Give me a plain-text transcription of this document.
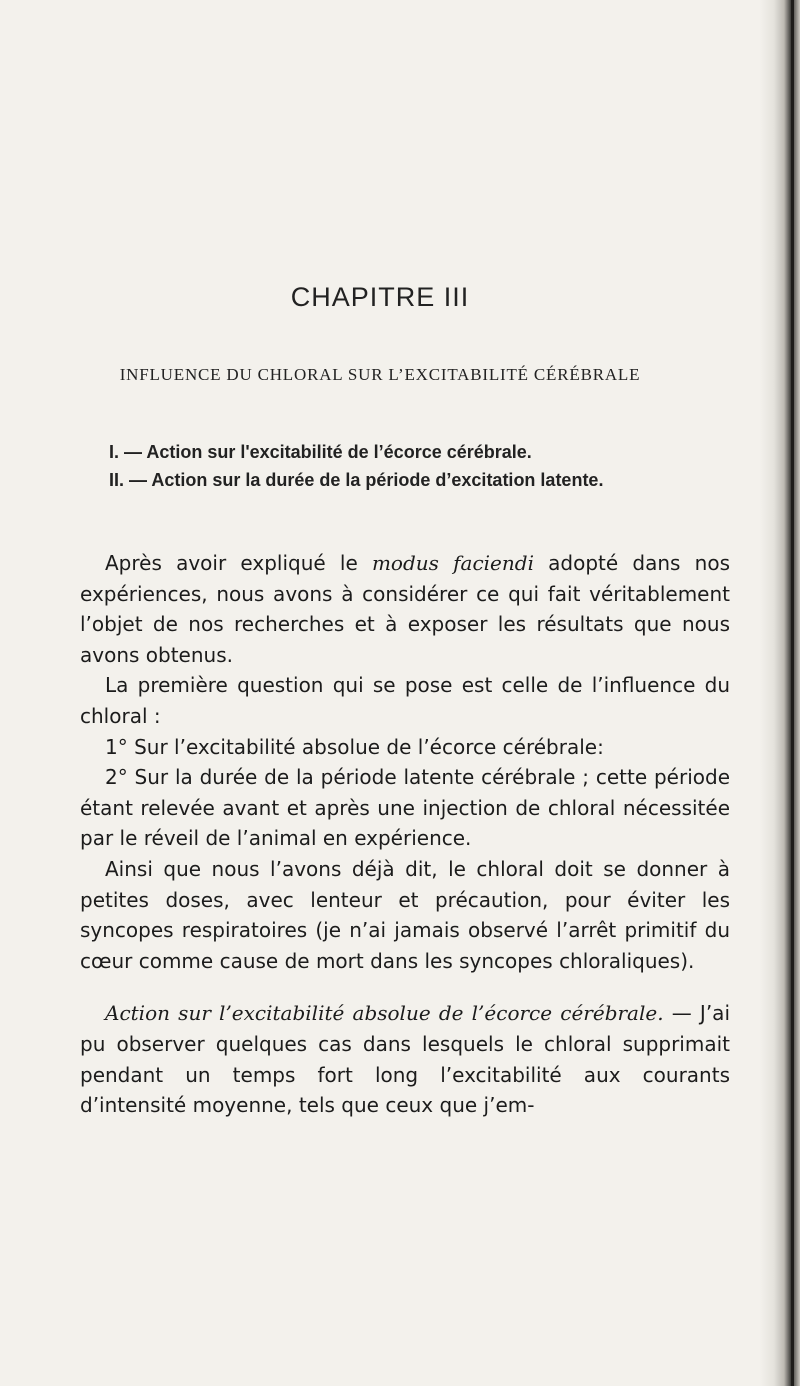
CHAPITRE III
INFLUENCE DU CHLORAL SUR L’EXCITABILITÉ CÉRÉBRALE
I. — Action sur l'excitabilité de l’écorce cérébrale.
II. — Action sur la durée de la période d’excitation latente.

Après avoir expliqué le modus faciendi adopté dans nos expériences, nous avons à considérer ce qui fait véritablement l’objet de nos recherches et à exposer les résultats que nous avons obtenus.

La première question qui se pose est celle de l’influence du chloral :

1° Sur l’excitabilité absolue de l’écorce cérébrale:

2° Sur la durée de la période latente cérébrale ; cette période étant relevée avant et après une injection de chloral nécessitée par le réveil de l’animal en expérience.

Ainsi que nous l’avons déjà dit, le chloral doit se donner à petites doses, avec lenteur et précaution, pour éviter les syncopes respiratoires (je n’ai jamais observé l’arrêt primitif du cœur comme cause de mort dans les syncopes chloraliques).

Action sur l’excitabilité absolue de l’écorce cérébrale. — J’ai pu observer quelques cas dans lesquels le chloral supprimait pendant un temps fort long l’excitabilité aux courants d’intensité moyenne, tels que ceux que j’em-
